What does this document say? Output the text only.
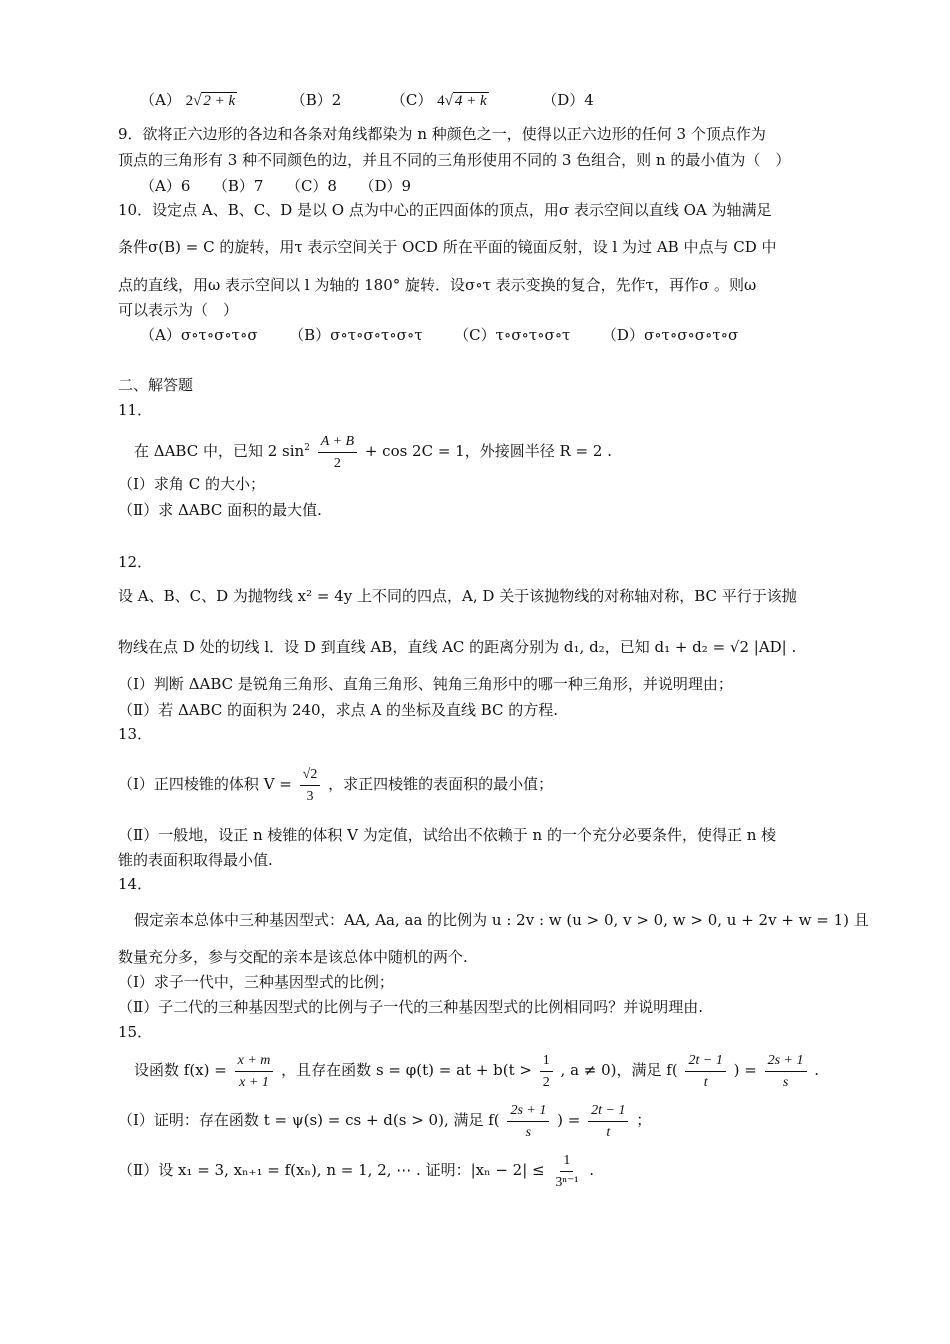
（A） 2√ 2 + k	（B）2	（C） 4√ 4 + k	（D）4
9．欲将正六边形的各边和各条对角线都染为 n 种颜色之一，使得以正六边形的任何 3 个顶点作为
顶点的三角形有 3 种不同颜色的边，并且不同的三角形使用不同的 3 色组合，则 n 的最小值为（　）
（A）6　　（B）7　　（C）8　　（D）9
10．设定点 A、B、C、D 是以 O 点为中心的正四面体的顶点，用σ 表示空间以直线 OA 为轴满足
条件σ(B) = C 的旋转，用τ 表示空间关于 OCD 所在平面的镜面反射，设 l 为过 AB 中点与 CD 中
点的直线，用ω 表示空间以 l 为轴的 180° 旋转．设σ∘τ 表示变换的复合，先作τ，再作σ 。则ω
可以表示为（　）
（A）σ∘τ∘σ∘τ∘σ （B）σ∘τ∘σ∘τ∘σ∘τ （C）τ∘σ∘τ∘σ∘τ （D）σ∘τ∘σ∘σ∘τ∘σ
二、解答题
11．
在 ΔABC 中，已知 2 $\sin^2 \frac{A + B}{2} + \cos 2C = 1$，外接圆半径 R = 2 .
（Ⅰ）求角 C 的大小；
（Ⅱ）求 ΔABC 面积的最大值.
12．
设 A、B、C、D 为抛物线 x² = 4y 上不同的四点，A, D 关于该抛物线的对称轴对称，BC 平行于该抛
物线在点 D 处的切线 l．设 D 到直线 AB，直线 AC 的距离分别为 d₁, d₂，已知 d₁ + d₂ = √2 |AD| .
（Ⅰ）判断 ΔABC 是锐角三角形、直角三角形、钝角三角形中的哪一种三角形，并说明理由；
（Ⅱ）若 ΔABC 的面积为 240，求点 A 的坐标及直线 BC 的方程.
13．
（Ⅰ）正四棱锥的体积 $V = \frac{√2}{3}$ ，求正四棱锥的表面积的最小值；
（Ⅱ）一般地，设正 n 棱锥的体积 V 为定值，试给出不依赖于 n 的一个充分必要条件，使得正 n 棱
锥的表面积取得最小值.
14．
假定亲本总体中三种基因型式：AA, Aa, aa 的比例为 u : 2v : w (u > 0, v > 0, w > 0, u + 2v + w = 1) 且
数量充分多，参与交配的亲本是该总体中随机的两个.
（Ⅰ）求子一代中，三种基因型式的比例；
（Ⅱ）子二代的三种基因型式的比例与子一代的三种基因型式的比例相同吗？并说明理由.
15．
设函数 $f(x) = \frac{x + m}{x + 1}$ ，且存在函数 s = φ(t) = at + $b(t > \frac{1}{2}$ , a ≠ 0)，满足 $f( \frac{2t - 1}{t}$ ) = $\frac{2s + 1}{s}$ .
（Ⅰ）证明：存在函数 t = ψ(s) = cs + d(s > 0), 满足 $f( \frac{2s + 1}{s}$ ) = $\frac{2t - 1}{t}$ ；
（Ⅱ）设 x₁ = 3, xₙ₊₁ = f(xₙ), n = 1, 2, ⋯ . 证明：$|x_n - 2| \le \frac{1}{\text{3ⁿ⁻¹}}$ .
